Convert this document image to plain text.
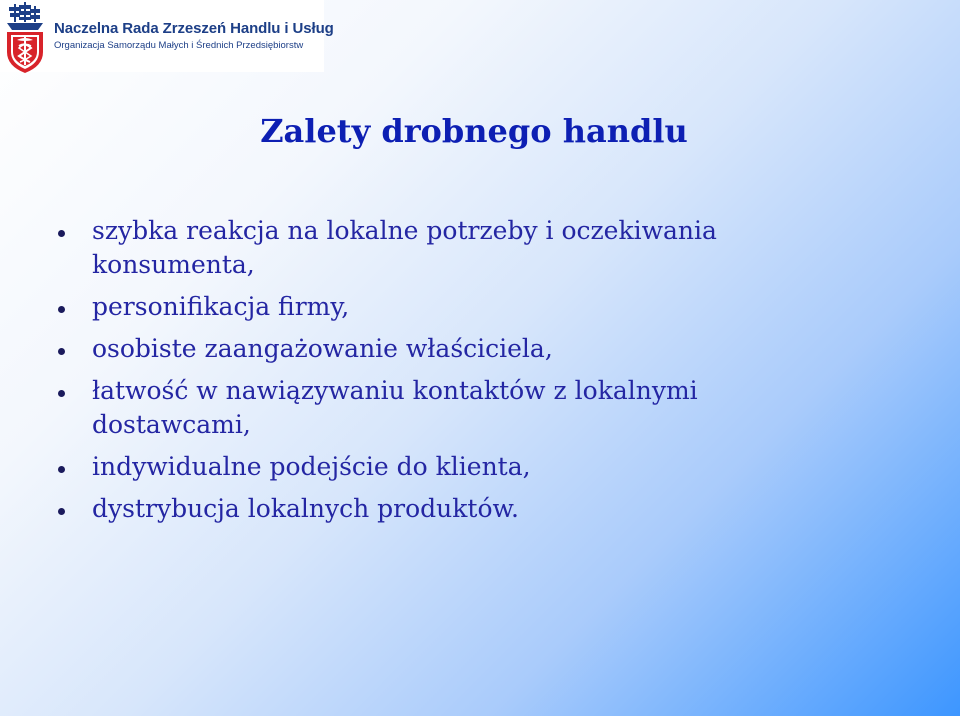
Naczelna Rada Zrzeszeń Handlu i Usług
Organizacja Samorządu Małych i Średnich Przedsiębiorstw
Zalety drobnego handlu
szybka reakcja na lokalne potrzeby i oczekiwania konsumenta,
personifikacja firmy,
osobiste zaangażowanie właściciela,
łatwość w nawiązywaniu kontaktów z lokalnymi dostawcami,
indywidualne podejście do klienta,
dystrybucja lokalnych produktów.
